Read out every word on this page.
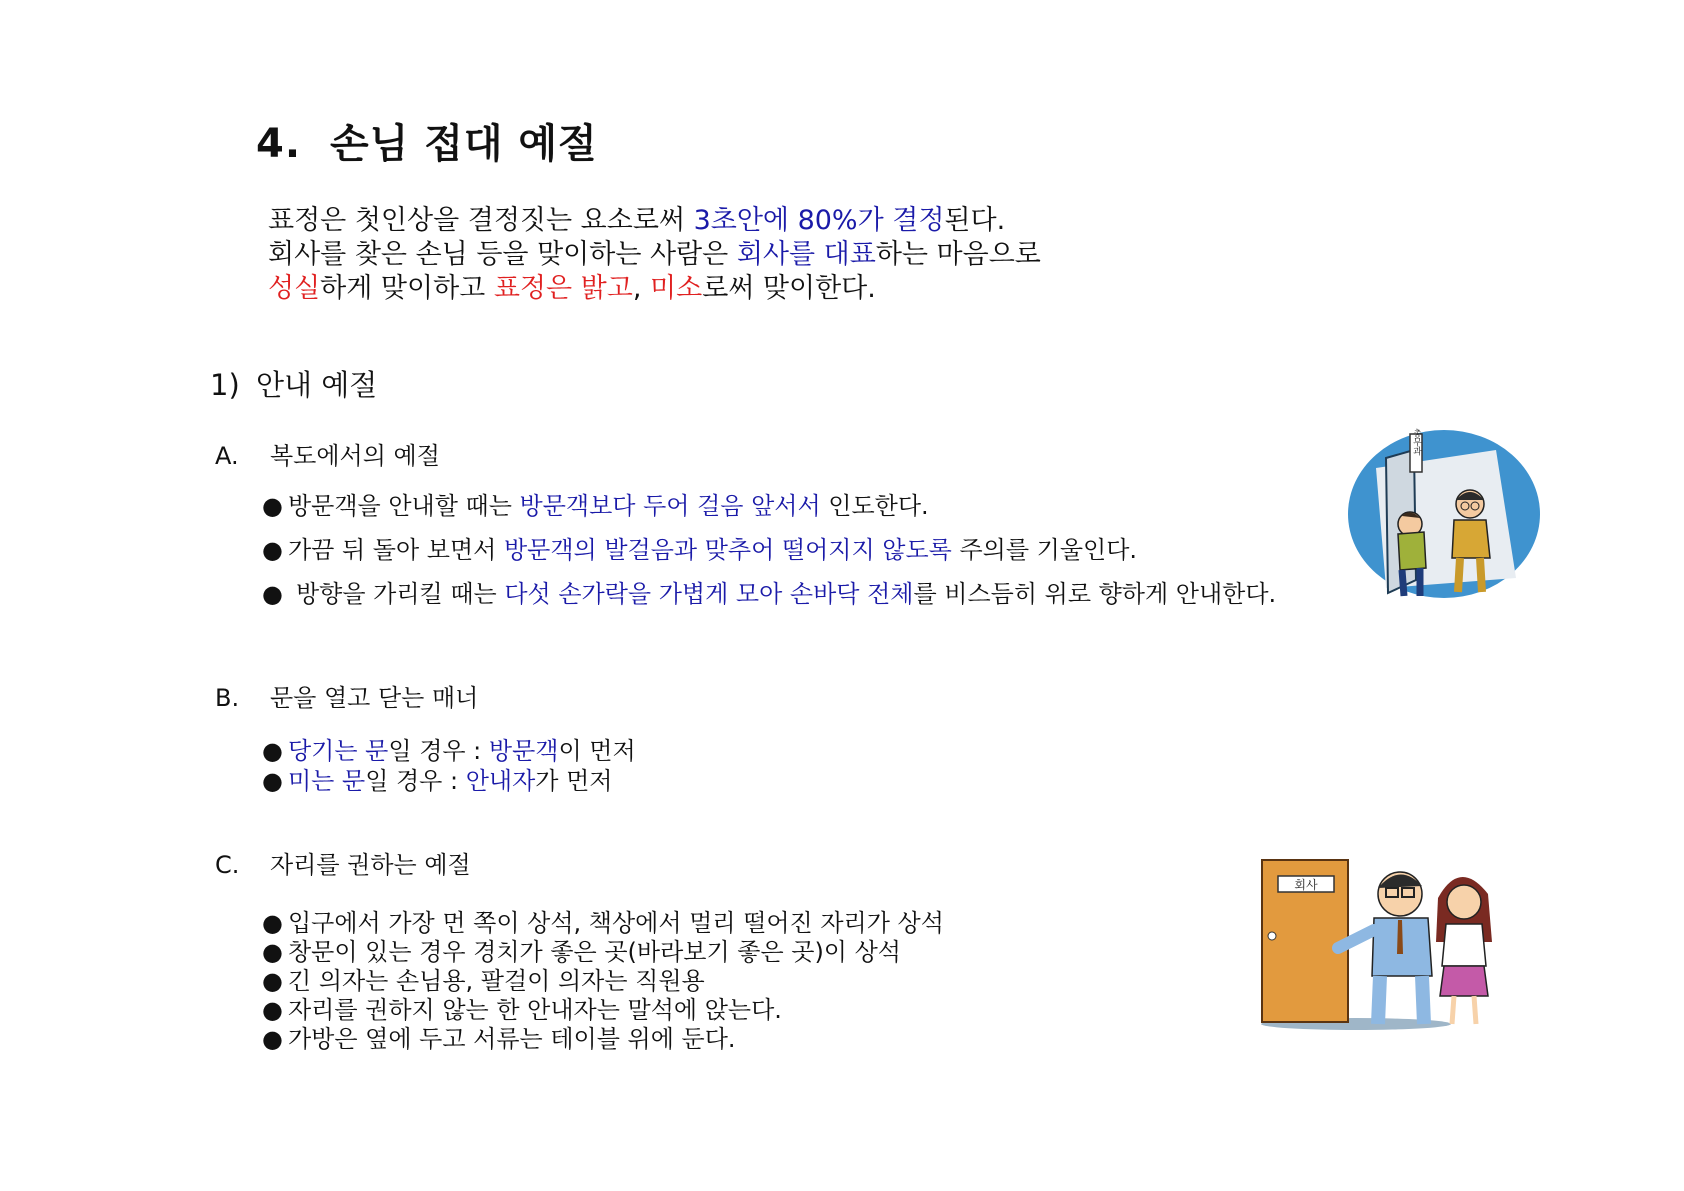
4. 손님 접대 예절
표정은 첫인상을 결정짓는 요소로써 3초안에 80%가 결정된다.
회사를 찾은 손님 등을 맞이하는 사람은 회사를 대표하는 마음으로
성실하게 맞이하고 표정은 밝고, 미소로써 맞이한다.
1) 안내 예절
A. 복도에서의 예절
● 방문객을 안내할 때는 방문객보다 두어 걸음 앞서서 인도한다.
● 가끔 뒤 돌아 보면서 방문객의 발걸음과 맞추어 떨어지지 않도록 주의를 기울인다.
● 방향을 가리킬 때는 다섯 손가락을 가볍게 모아 손바닥 전체를 비스듬히 위로 향하게 안내한다.
B. 문을 열고 닫는 매너
● 당기는 문일 경우 : 방문객이 먼저
● 미는 문일 경우 : 안내자가 먼저
C. 자리를 권하는 예절
● 입구에서 가장 먼 쪽이 상석, 책상에서 멀리 떨어진 자리가 상석
● 창문이 있는 경우 경치가 좋은 곳(바라보기 좋은 곳)이 상석
● 긴 의자는 손님용, 팔걸이 의자는 직원용
● 자리를 권하지 않는 한 안내자는 말석에 앉는다.
● 가방은 옆에 두고 서류는 테이블 위에 둔다.
총무과
회사
